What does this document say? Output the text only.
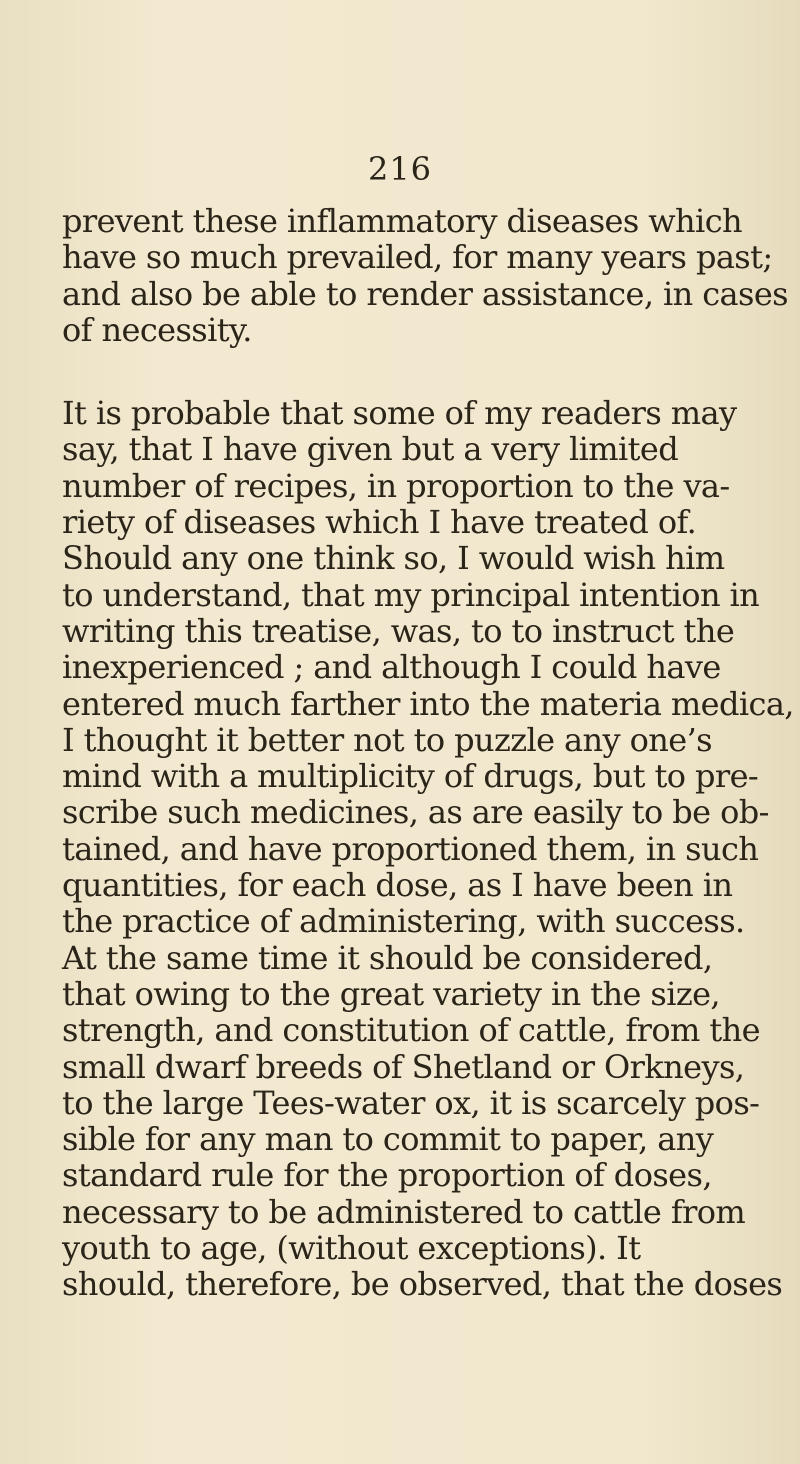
216
prevent these inflammatory diseases which
have so much prevailed, for many years past;
and also be able to render assistance, in cases
of necessity.
It is probable that some of my readers may
say, that I have given but a very limited
number of recipes, in proportion to the va-
riety of diseases which I have treated of.
Should any one think so, I would wish him
to understand, that my principal intention in
writing this treatise, was, to to instruct the
inexperienced ; and although I could have
entered much farther into the materia medica,
I thought it better not to puzzle any one’s
mind with a multiplicity of drugs, but to pre-
scribe such medicines, as are easily to be ob-
tained, and have proportioned them, in such
quantities, for each dose, as I have been in
the practice of administering, with success.
At the same time it should be considered,
that owing to the great variety in the size,
strength, and constitution of cattle, from the
small dwarf breeds of Shetland or Orkneys,
to the large Tees-water ox, it is scarcely pos-
sible for any man to commit to paper, any
standard rule for the proportion of doses,
necessary to be administered to cattle from
youth to age, (without exceptions). It
should, therefore, be observed, that the doses
